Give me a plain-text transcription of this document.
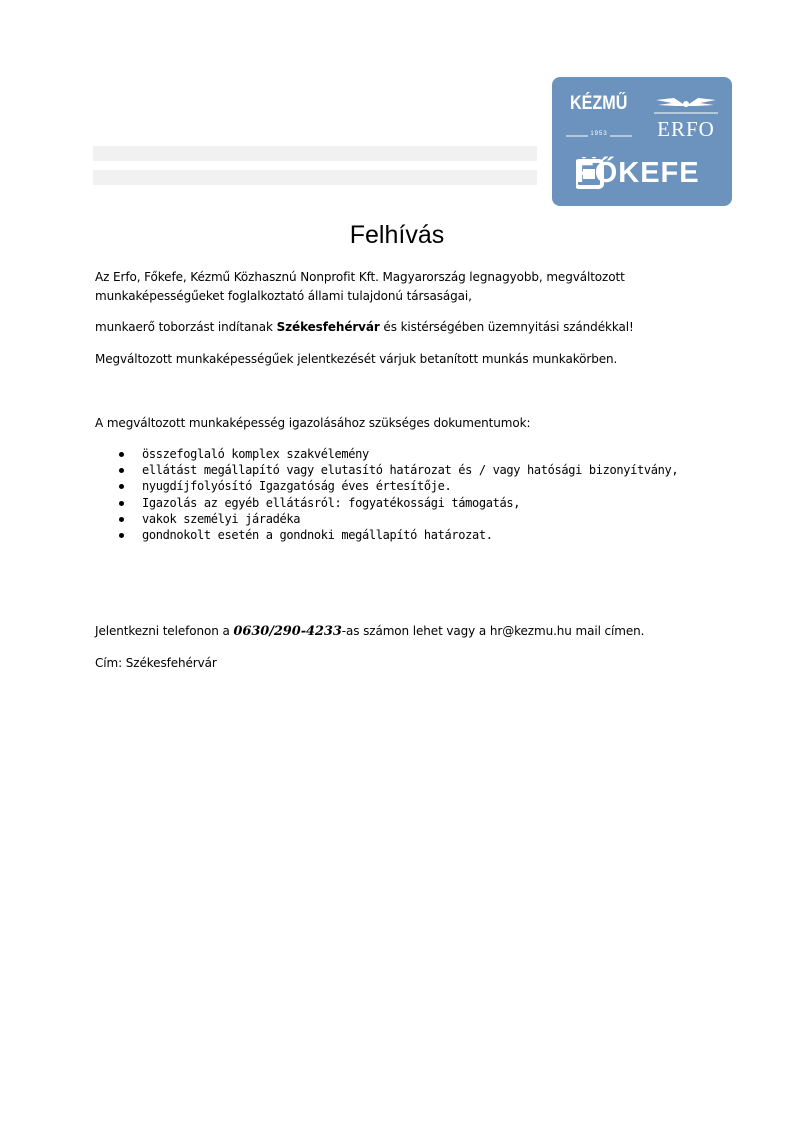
KÉZMŰ
1953	ERFO
FŐKEFE
Felhívás
Az Erfo, Főkefe, Kézmű Közhasznú Nonprofit Kft. Magyarország legnagyobb, megváltozott
munkaképességűeket foglalkoztató állami tulajdonú társaságai,
munkaerő toborzást indítanak Székesfehérvár és kistérségében üzemnyitási szándékkal!
Megváltozott munkaképességűek jelentkezését várjuk betanított munkás munkakörben.
A megváltozott munkaképesség igazolásához szükséges dokumentumok:
összefoglaló komplex szakvélemény
ellátást megállapító vagy elutasító határozat és / vagy hatósági bizonyítvány,
nyugdíjfolyósító Igazgatóság éves értesítője.
Igazolás az egyéb ellátásról: fogyatékossági támogatás,
vakok személyi járadéka
gondnokolt esetén a gondnoki megállapító határozat.
Jelentkezni telefonon a 0630/290-4233-as számon lehet vagy a hr@kezmu.hu mail címen.
Cím: Székesfehérvár
